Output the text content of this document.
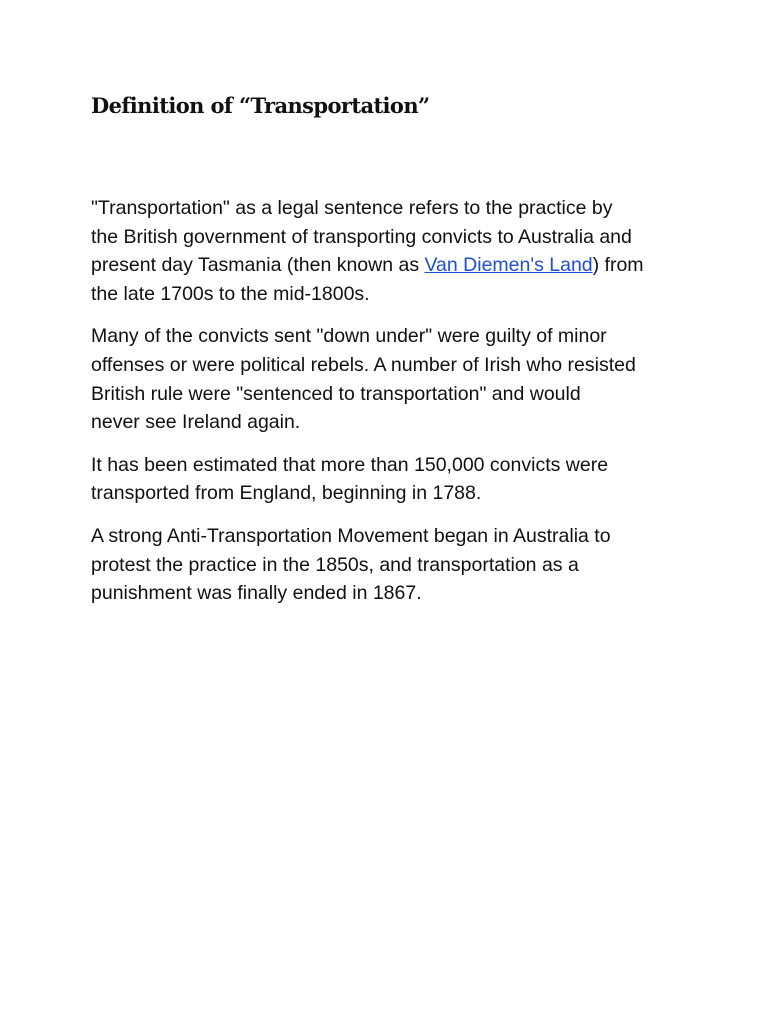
Definition of “Transportation”

"Transportation" as a legal sentence refers to the practice by
the British government of transporting convicts to Australia and
present day Tasmania (then known as Van Diemen's Land) from
the late 1700s to the mid-1800s.

Many of the convicts sent "down under" were guilty of minor
offenses or were political rebels. A number of Irish who resisted
British rule were "sentenced to transportation" and would
never see Ireland again.

It has been estimated that more than 150,000 convicts were
transported from England, beginning in 1788.

A strong Anti-Transportation Movement began in Australia to
protest the practice in the 1850s, and transportation as a
punishment was finally ended in 1867.
